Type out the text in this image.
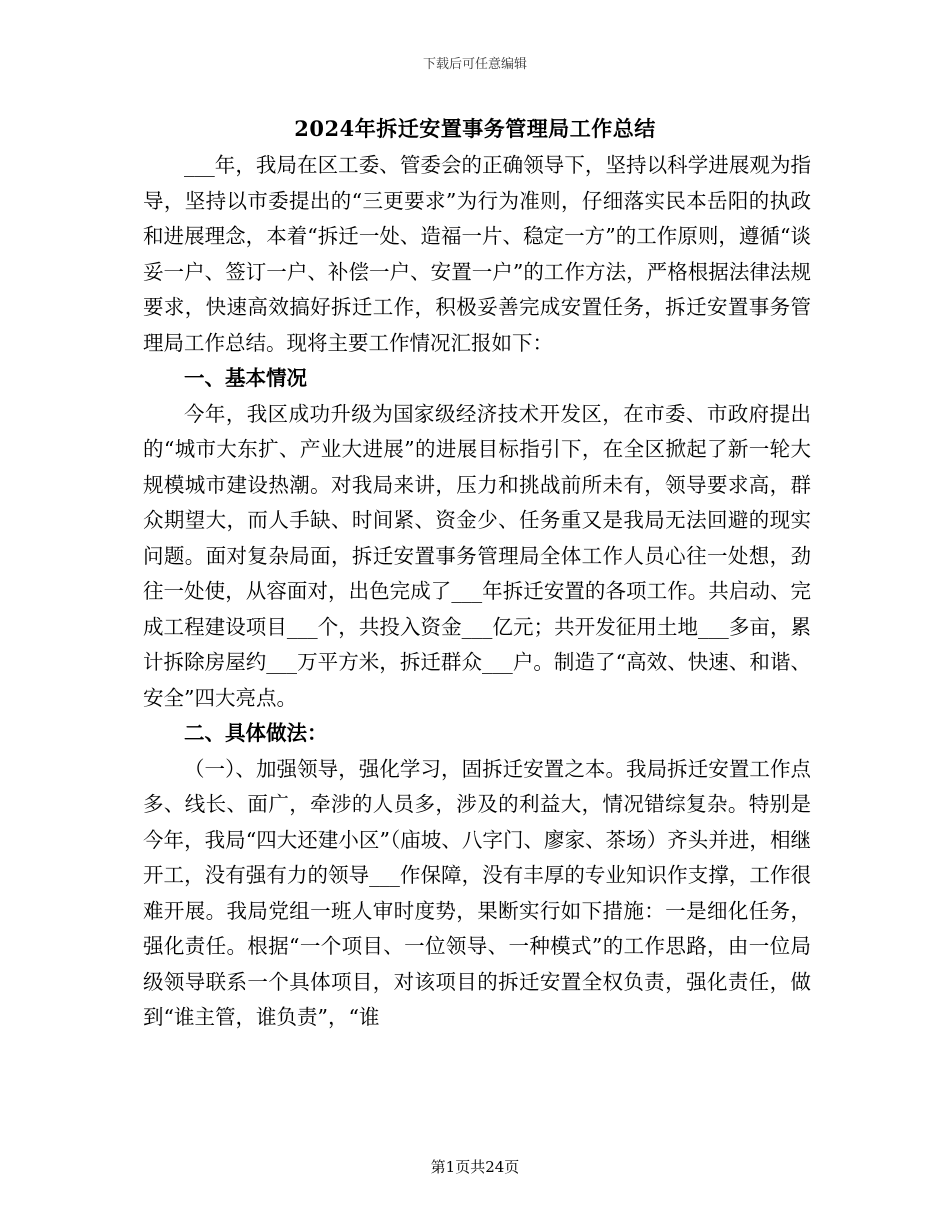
下载后可任意编辑
2024年拆迁安置事务管理局工作总结

___年，我局在区工委、管委会的正确领导下，坚持以科学进展观为指导，坚持以市委提出的“三更要求”为行为准则，仔细落实民本岳阳的执政和进展理念，本着“拆迁一处、造福一片、稳定一方”的工作原则，遵循“谈妥一户、签订一户、补偿一户、安置一户”的工作方法，严格根据法律法规要求，快速高效搞好拆迁工作，积极妥善完成安置任务，拆迁安置事务管理局工作总结。现将主要工作情况汇报如下：

一、基本情况

今年，我区成功升级为国家级经济技术开发区，在市委、市政府提出的“城市大东扩、产业大进展”的进展目标指引下，在全区掀起了新一轮大规模城市建设热潮。对我局来讲，压力和挑战前所未有，领导要求高，群众期望大，而人手缺、时间紧、资金少、任务重又是我局无法回避的现实问题。面对复杂局面，拆迁安置事务管理局全体工作人员心往一处想，劲往一处使，从容面对，出色完成了___年拆迁安置的各项工作。共启动、完成工程建设项目___个，共投入资金___亿元；共开发征用土地___多亩，累计拆除房屋约___万平方米，拆迁群众___户。制造了“高效、快速、和谐、安全”四大亮点。

二、具体做法：

（一）、加强领导，强化学习，固拆迁安置之本。我局拆迁安置工作点多、线长、面广，牵涉的人员多，涉及的利益大，情况错综复杂。特别是今年，我局“四大还建小区”（庙坡、八字门、廖家、茶场）齐头并进，相继开工，没有强有力的领导___作保障，没有丰厚的专业知识作支撑，工作很难开展。我局党组一班人审时度势，果断实行如下措施：一是细化任务，强化责任。根据“一个项目、一位领导、一种模式”的工作思路，由一位局级领导联系一个具体项目，对该项目的拆迁安置全权负责，强化责任，做到“谁主管，谁负责”，“谁

第1页共24页
